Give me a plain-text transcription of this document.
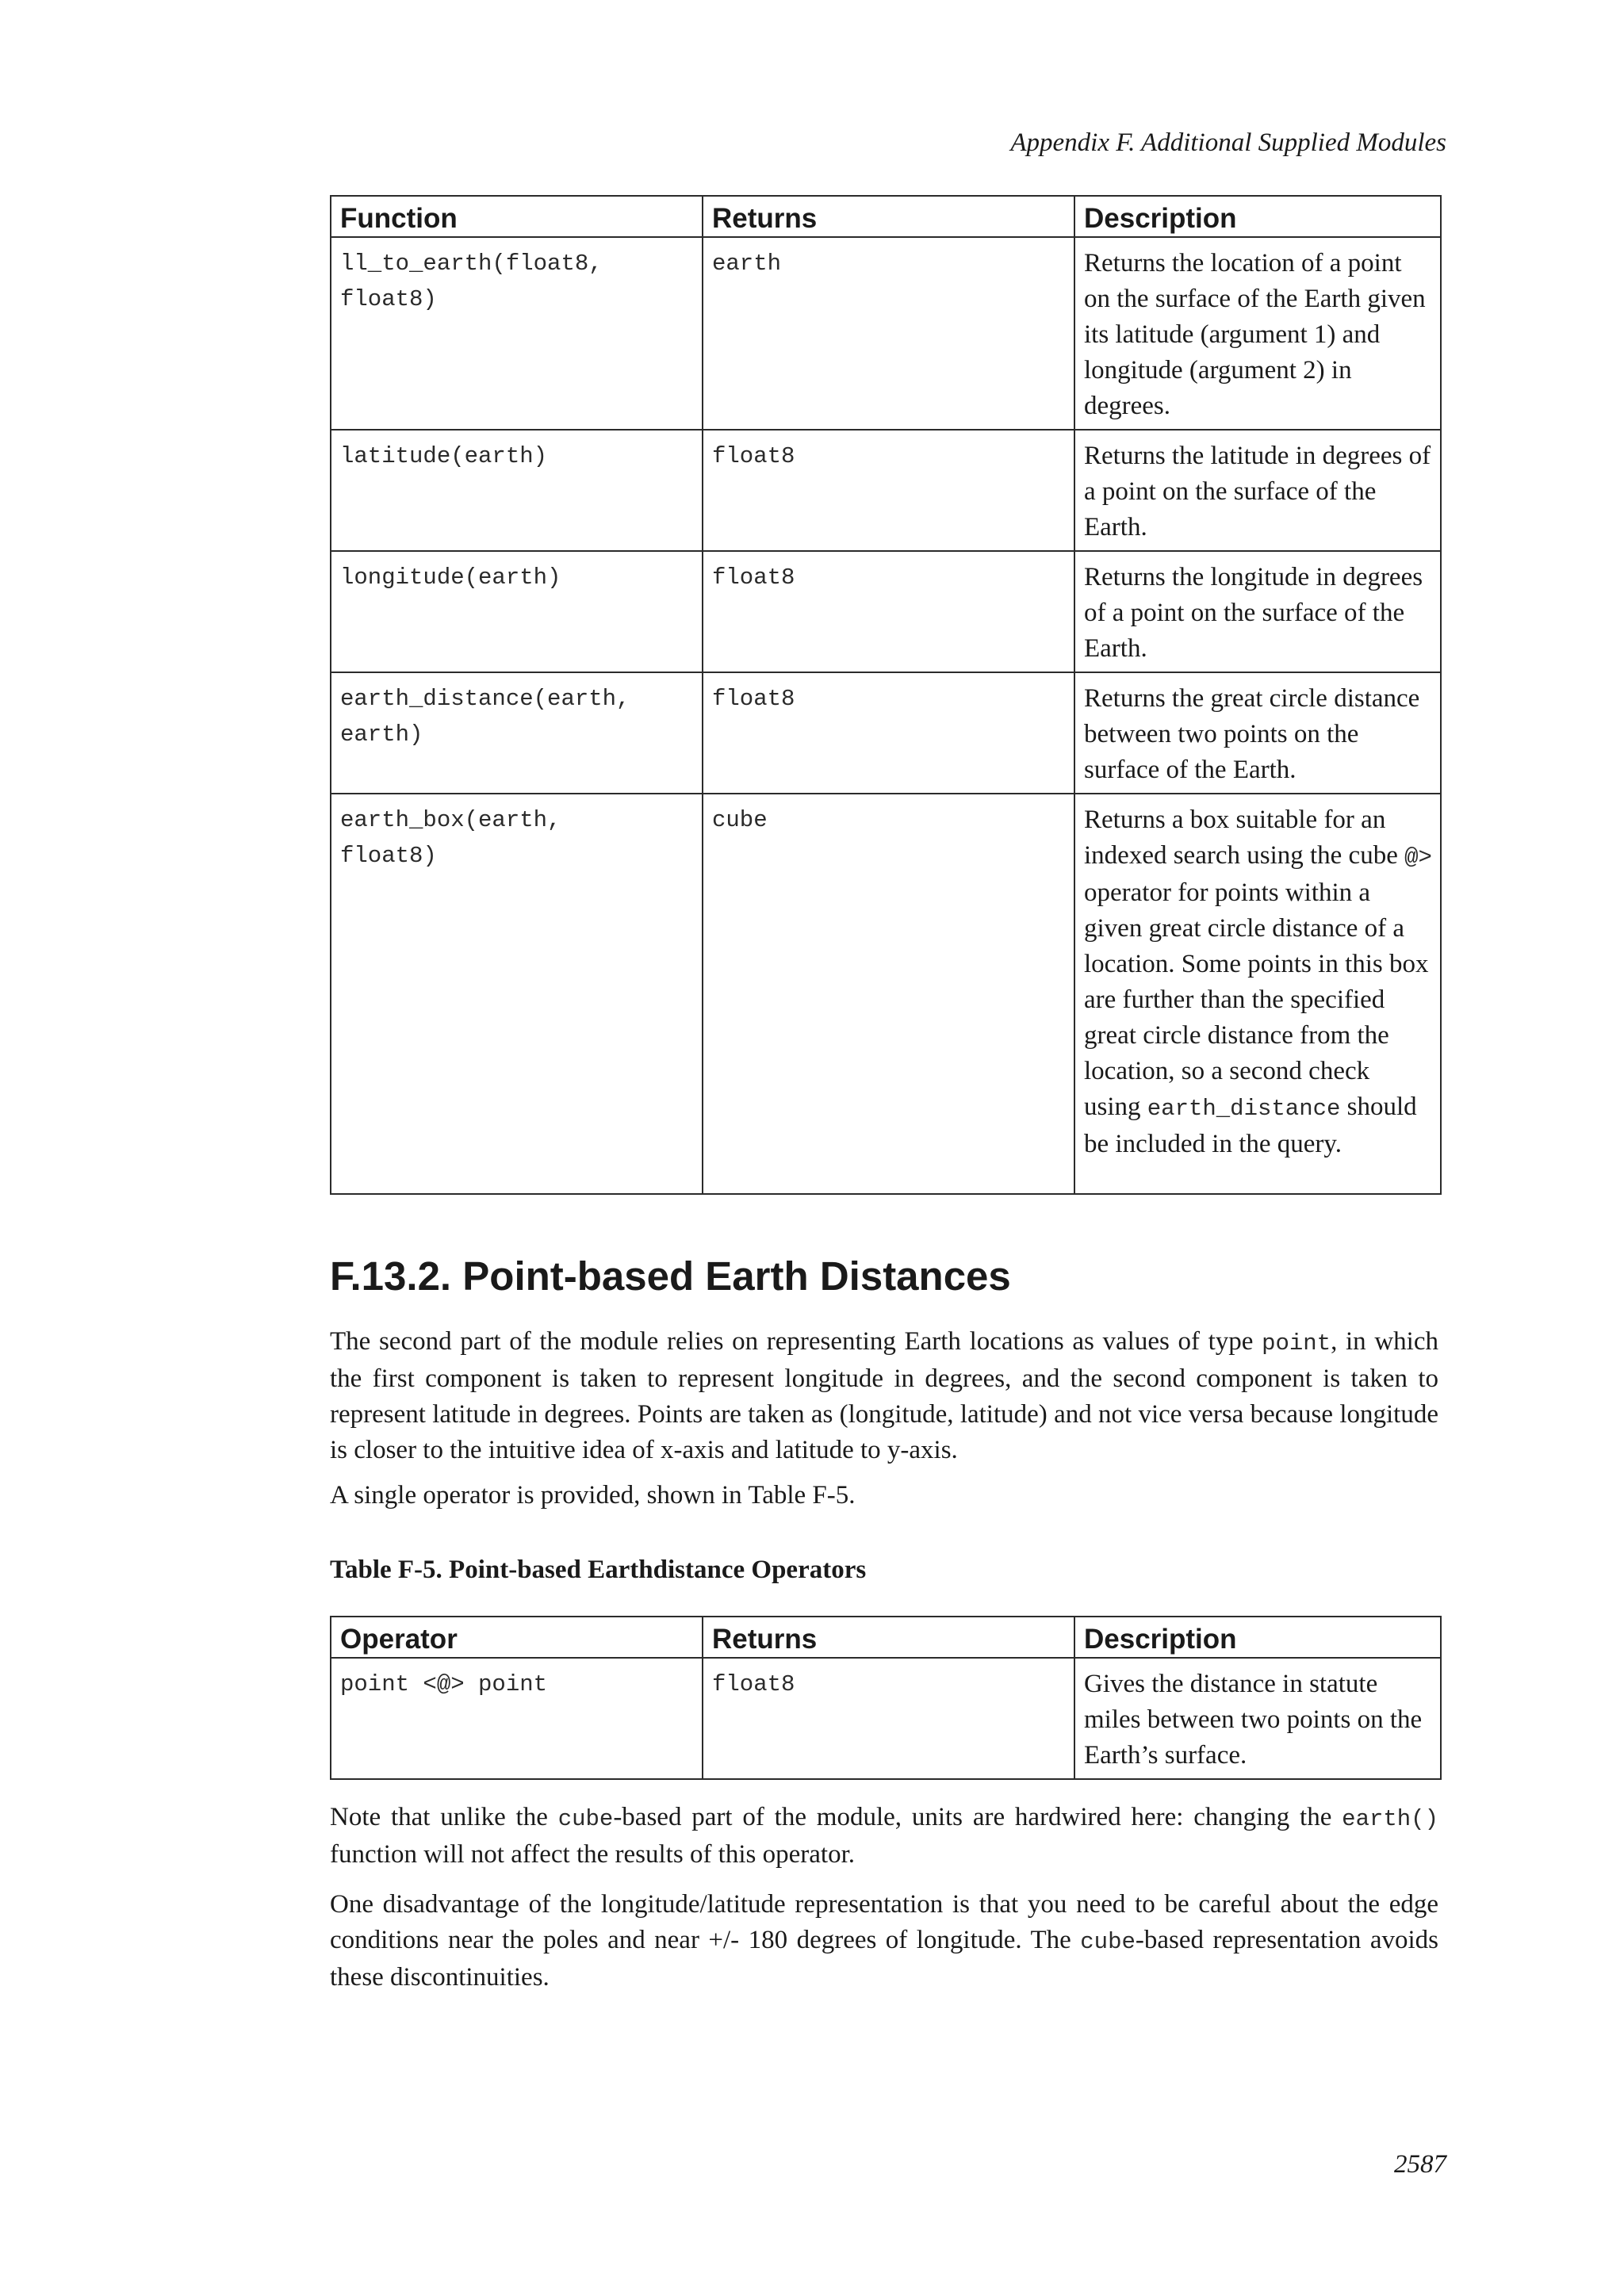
Appendix F. Additional Supplied Modules
Function	Returns	Description
ll_to_earth(float8,
float8)	earth	Returns the location of a point on the surface of the Earth given its latitude (argument 1) and longitude (argument 2) in degrees.
latitude(earth)	float8	Returns the latitude in degrees of a point on the surface of the Earth.
longitude(earth)	float8	Returns the longitude in degrees of a point on the surface of the Earth.
earth_distance(earth,
earth)	float8	Returns the great circle distance between two points on the surface of the Earth.
earth_box(earth,
float8)	cube	Returns a box suitable for an indexed search using the cube @> operator for points within a given great circle distance of a location. Some points in this box are further than the specified great circle distance from the location, so a second check using earth_distance should be included in the query.
F.13.2. Point-based Earth Distances
The second part of the module relies on representing Earth locations as values of type point, in which the first component is taken to represent longitude in degrees, and the second component is taken to represent latitude in degrees. Points are taken as (longitude, latitude) and not vice versa because longitude is closer to the intuitive idea of x-axis and latitude to y-axis.
A single operator is provided, shown in Table F-5.
Table F-5. Point-based Earthdistance Operators
Operator	Returns	Description
point <@> point	float8	Gives the distance in statute miles between two points on the Earth’s surface.
Note that unlike the cube-based part of the module, units are hardwired here: changing the earth() function will not affect the results of this operator.
One disadvantage of the longitude/latitude representation is that you need to be careful about the edge conditions near the poles and near +/- 180 degrees of longitude. The cube-based representation avoids these discontinuities.
2587
